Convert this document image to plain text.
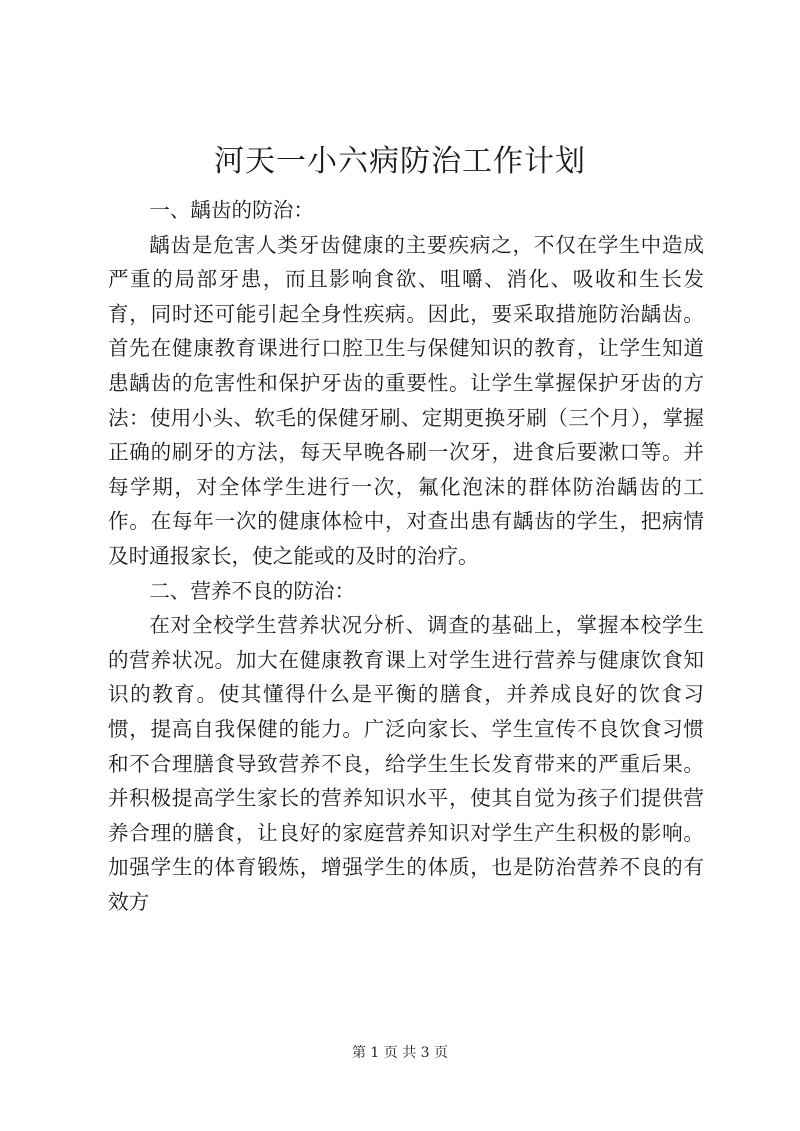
河天一小六病防治工作计划

一、龋齿的防治：

龋齿是危害人类牙齿健康的主要疾病之，不仅在学生中造成严重的局部牙患，而且影响食欲、咀嚼、消化、吸收和生长发育，同时还可能引起全身性疾病。因此，要采取措施防治龋齿。首先在健康教育课进行口腔卫生与保健知识的教育，让学生知道患龋齿的危害性和保护牙齿的重要性。让学生掌握保护牙齿的方法：使用小头、软毛的保健牙刷、定期更换牙刷（三个月），掌握正确的刷牙的方法，每天早晚各刷一次牙，进食后要漱口等。并每学期，对全体学生进行一次，氟化泡沫的群体防治龋齿的工作。在每年一次的健康体检中，对查出患有龋齿的学生，把病情及时通报家长，使之能或的及时的治疗。

二、营养不良的防治：

在对全校学生营养状况分析、调查的基础上，掌握本校学生的营养状况。加大在健康教育课上对学生进行营养与健康饮食知识的教育。使其懂得什么是平衡的膳食，并养成良好的饮食习惯，提高自我保健的能力。广泛向家长、学生宣传不良饮食习惯和不合理膳食导致营养不良，给学生生长发育带来的严重后果。并积极提高学生家长的营养知识水平，使其自觉为孩子们提供营养合理的膳食，让良好的家庭营养知识对学生产生积极的影响。加强学生的体育锻炼，增强学生的体质，也是防治营养不良的有效方

第 1 页 共 3 页
